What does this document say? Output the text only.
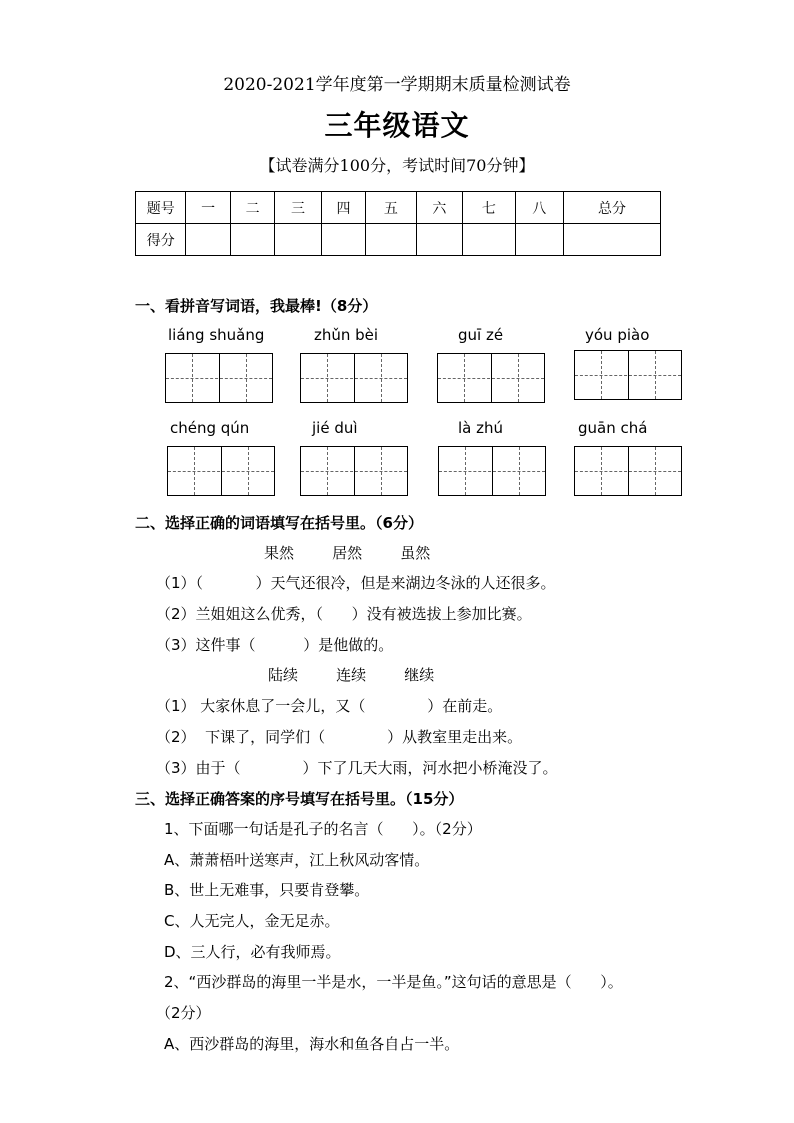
2020-2021学年度第一学期期末质量检测试卷
三年级语文
【试卷满分100分，考试时间70分钟】
题号	一	二	三	四	五	六	七	八	总分
得分									
一、看拼音写词语，我最棒!（8分）
liáng shuǎng	zhǔn bèi	guī zé	yóu piào
chéng qún	jié duì	là zhú	guān chá
二、选择正确的词语填写在括号里。（6分）
果然        居然        虽然
（1）（           ）天气还很冷，但是来湖边冬泳的人还很多。
（2）兰姐姐这么优秀，（      ）没有被选拔上参加比赛。
（3）这件事（          ）是他做的。
陆续        连续        继续
（1） 大家休息了一会儿，又（             ）在前走。
（2）  下课了，同学们（             ）从教室里走出来。
（3）由于（             ）下了几天大雨，河水把小桥淹没了。
三、选择正确答案的序号填写在括号里。（15分）
1、下面哪一句话是孔子的名言（      ）。（2分）
A、萧萧梧叶送寒声，江上秋风动客情。
B、世上无难事，只要肯登攀。
C、人无完人，金无足赤。
D、三人行，必有我师焉。
2、“西沙群岛的海里一半是水，一半是鱼。”这句话的意思是（      ）。
（2分）
A、西沙群岛的海里，海水和鱼各自占一半。
